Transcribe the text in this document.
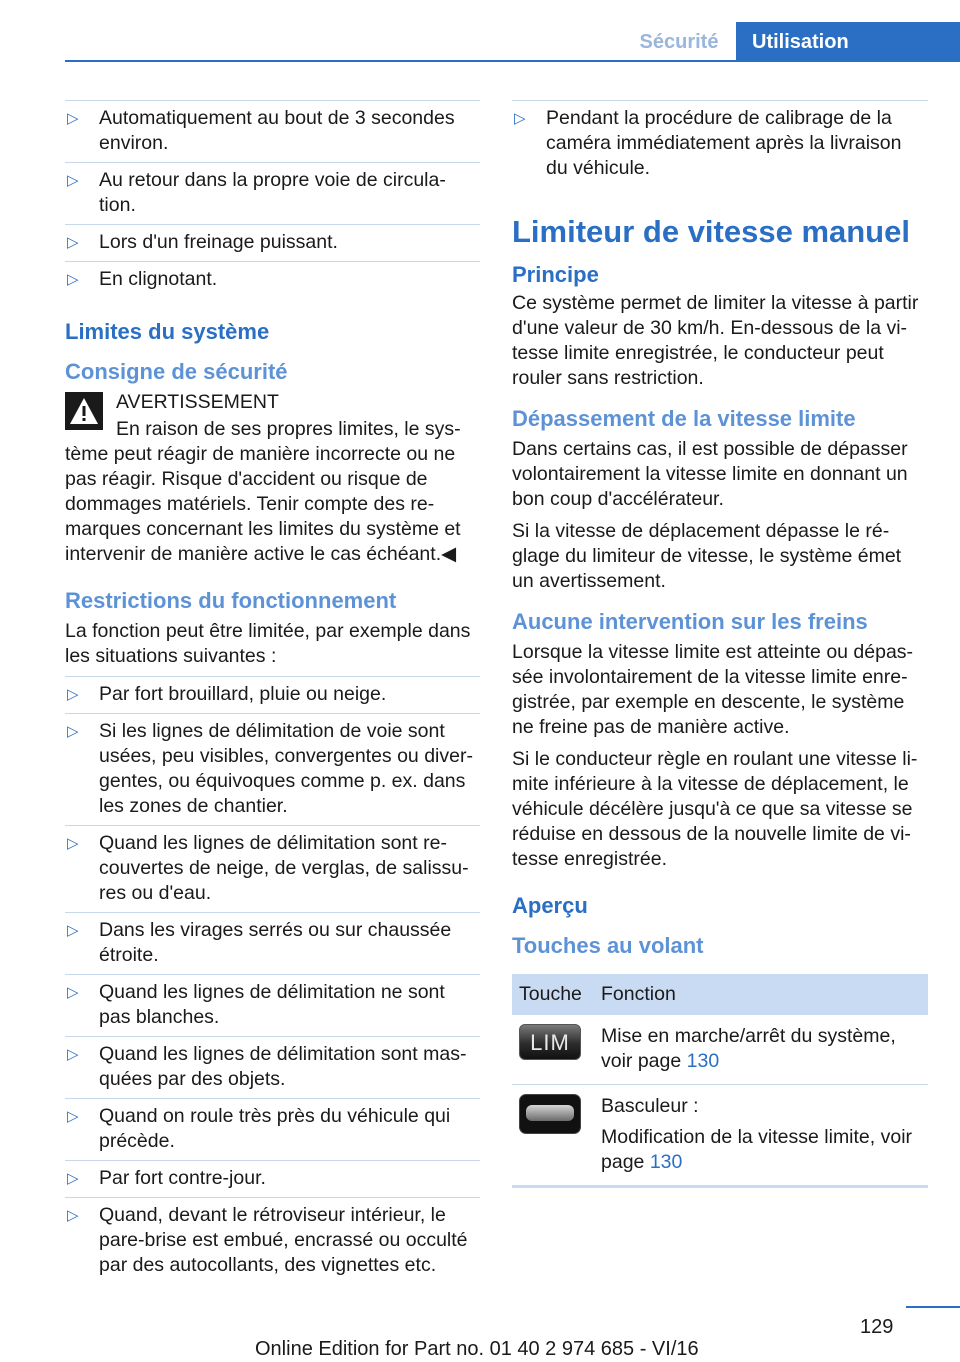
Sécurité	Utilisation
▷	Automatiquement au bout de 3 secondes environ.
▷	Au retour dans la propre voie de circula‐ tion.
▷	Lors d'un freinage puissant.
▷	En clignotant.
Limites du système
Consigne de sécurité
AVERTISSEMENT
En raison de ses propres limites, le sys‐ tème peut réagir de manière incorrecte ou ne pas réagir. Risque d'accident ou risque de dommages matériels. Tenir compte des re‐ marques concernant les limites du système et intervenir de manière active le cas échéant.◀
Restrictions du fonctionnement
La fonction peut être limitée, par exemple dans les situations suivantes :
▷	Par fort brouillard, pluie ou neige.
▷	Si les lignes de délimitation de voie sont usées, peu visibles, convergentes ou diver‐ gentes, ou équivoques comme p. ex. dans les zones de chantier.
▷	Quand les lignes de délimitation sont re‐ couvertes de neige, de verglas, de salissu‐ res ou d'eau.
▷	Dans les virages serrés ou sur chaussée étroite.
▷	Quand les lignes de délimitation ne sont pas blanches.
▷	Quand les lignes de délimitation sont mas‐ quées par des objets.
▷	Quand on roule très près du véhicule qui précède.
▷	Par fort contre-jour.
▷	Quand, devant le rétroviseur intérieur, le pare-brise est embué, encrassé ou occulté par des autocollants, des vignettes etc.
▷	Pendant la procédure de calibrage de la caméra immédiatement après la livraison du véhicule.
Limiteur de vitesse manuel
Principe
Ce système permet de limiter la vitesse à partir d'une valeur de 30 km/h. En-dessous de la vi‐ tesse limite enregistrée, le conducteur peut rouler sans restriction.
Dépassement de la vitesse limite
Dans certains cas, il est possible de dépasser volontairement la vitesse limite en donnant un bon coup d'accélérateur.
Si la vitesse de déplacement dépasse le ré‐ glage du limiteur de vitesse, le système émet un avertissement.
Aucune intervention sur les freins
Lorsque la vitesse limite est atteinte ou dépas‐ sée involontairement de la vitesse limite enre‐ gistrée, par exemple en descente, le système ne freine pas de manière active.
Si le conducteur règle en roulant une vitesse li‐ mite inférieure à la vitesse de déplacement, le véhicule décélère jusqu'à ce que sa vitesse se réduise en dessous de la nouvelle limite de vi‐ tesse enregistrée.
Aperçu
Touches au volant
Touche	Fonction

LIM	Mise en marche/arrêt du système, voir page 130

	Basculeur :
Modification de la vitesse limite, voir page 130
129
Online Edition for Part no. 01 40 2 974 685 - VI/16
